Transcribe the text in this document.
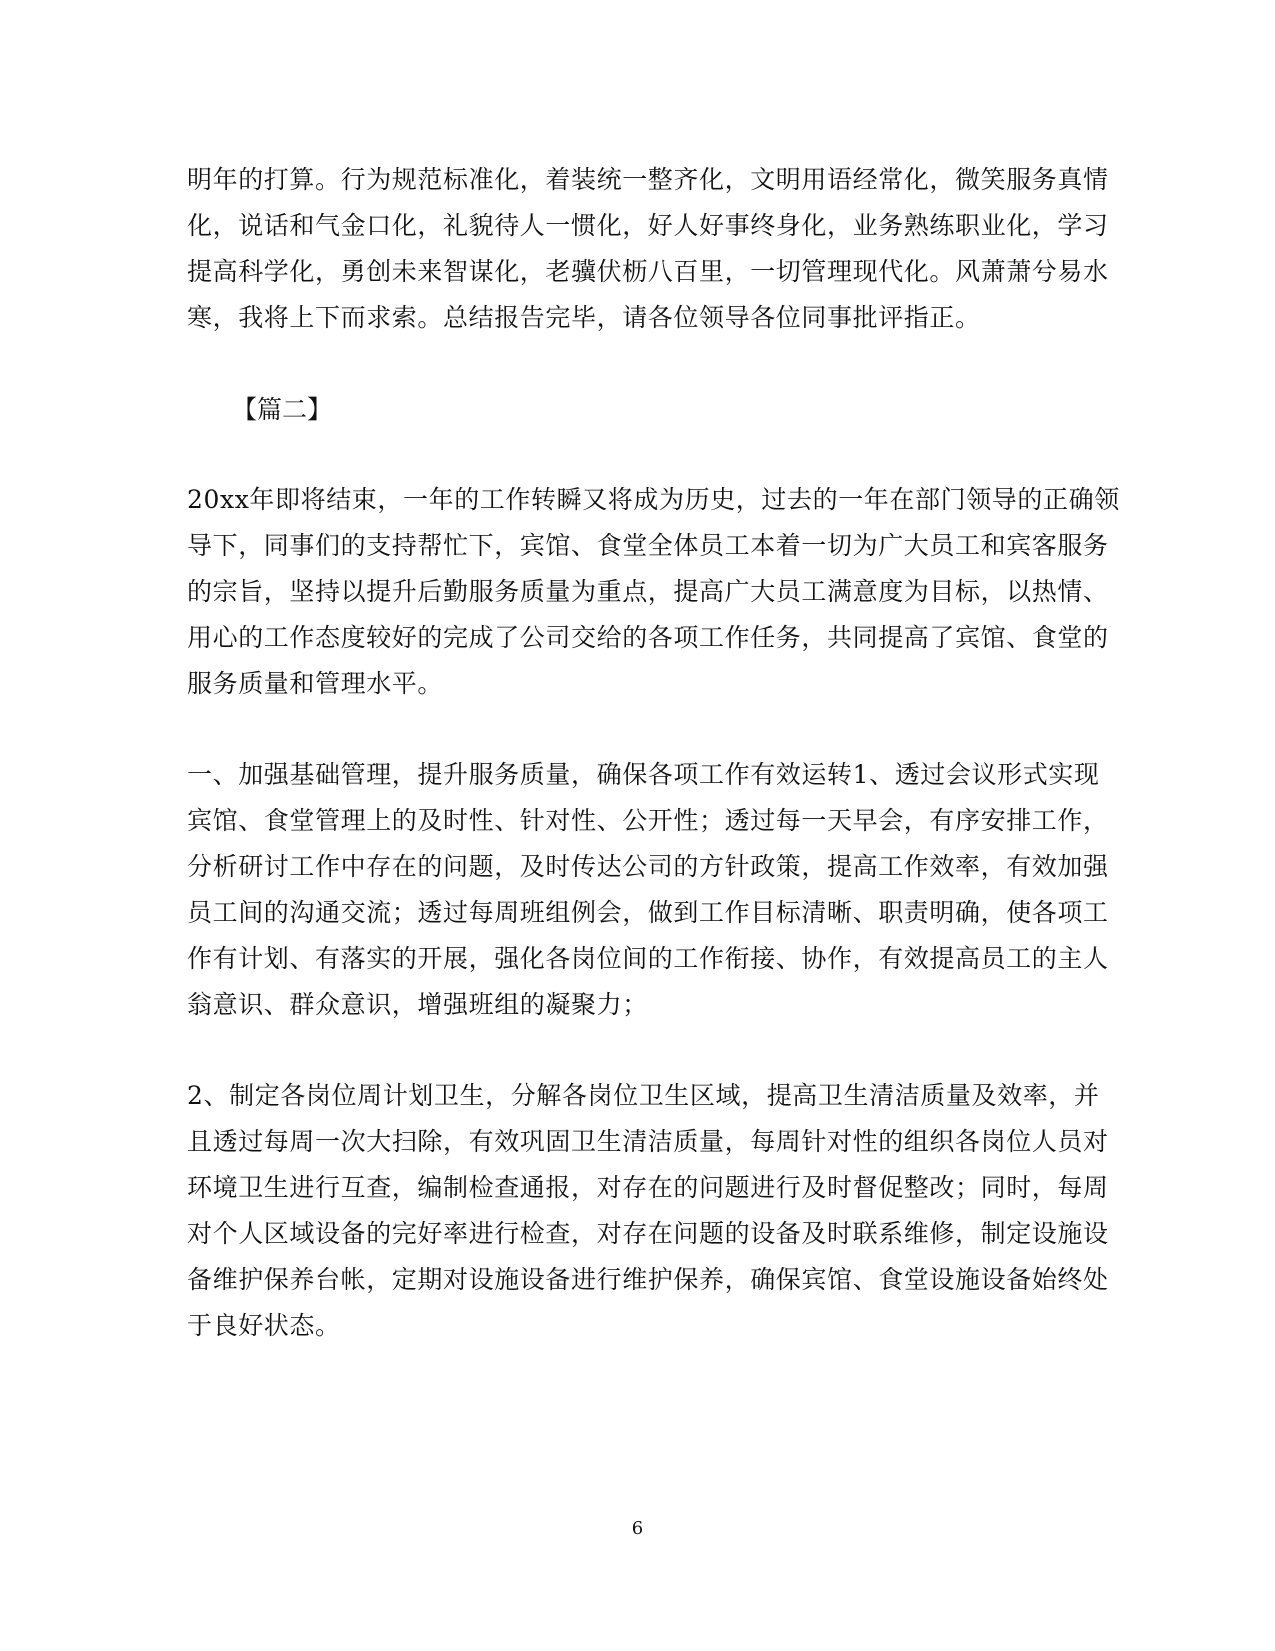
明年的打算。行为规范标准化，着装统一整齐化，文明用语经常化，微笑服务真情
化，说话和气金口化，礼貌待人一惯化，好人好事终身化，业务熟练职业化，学习
提高科学化，勇创未来智谋化，老骥伏枥八百里，一切管理现代化。风萧萧兮易水
寒，我将上下而求索。总结报告完毕，请各位领导各位同事批评指正。
【篇二】
20xx年即将结束，一年的工作转瞬又将成为历史，过去的一年在部门领导的正确领
导下，同事们的支持帮忙下，宾馆、食堂全体员工本着一切为广大员工和宾客服务
的宗旨，坚持以提升后勤服务质量为重点，提高广大员工满意度为目标，以热情、
用心的工作态度较好的完成了公司交给的各项工作任务，共同提高了宾馆、食堂的
服务质量和管理水平。
一、加强基础管理，提升服务质量，确保各项工作有效运转1、透过会议形式实现
宾馆、食堂管理上的及时性、针对性、公开性；透过每一天早会，有序安排工作，
分析研讨工作中存在的问题，及时传达公司的方针政策，提高工作效率，有效加强
员工间的沟通交流；透过每周班组例会，做到工作目标清晰、职责明确，使各项工
作有计划、有落实的开展，强化各岗位间的工作衔接、协作，有效提高员工的主人
翁意识、群众意识，增强班组的凝聚力；
2、制定各岗位周计划卫生，分解各岗位卫生区域，提高卫生清洁质量及效率，并
且透过每周一次大扫除，有效巩固卫生清洁质量，每周针对性的组织各岗位人员对
环境卫生进行互查，编制检查通报，对存在的问题进行及时督促整改；同时，每周
对个人区域设备的完好率进行检查，对存在问题的设备及时联系维修，制定设施设
备维护保养台帐，定期对设施设备进行维护保养，确保宾馆、食堂设施设备始终处
于良好状态。
6
